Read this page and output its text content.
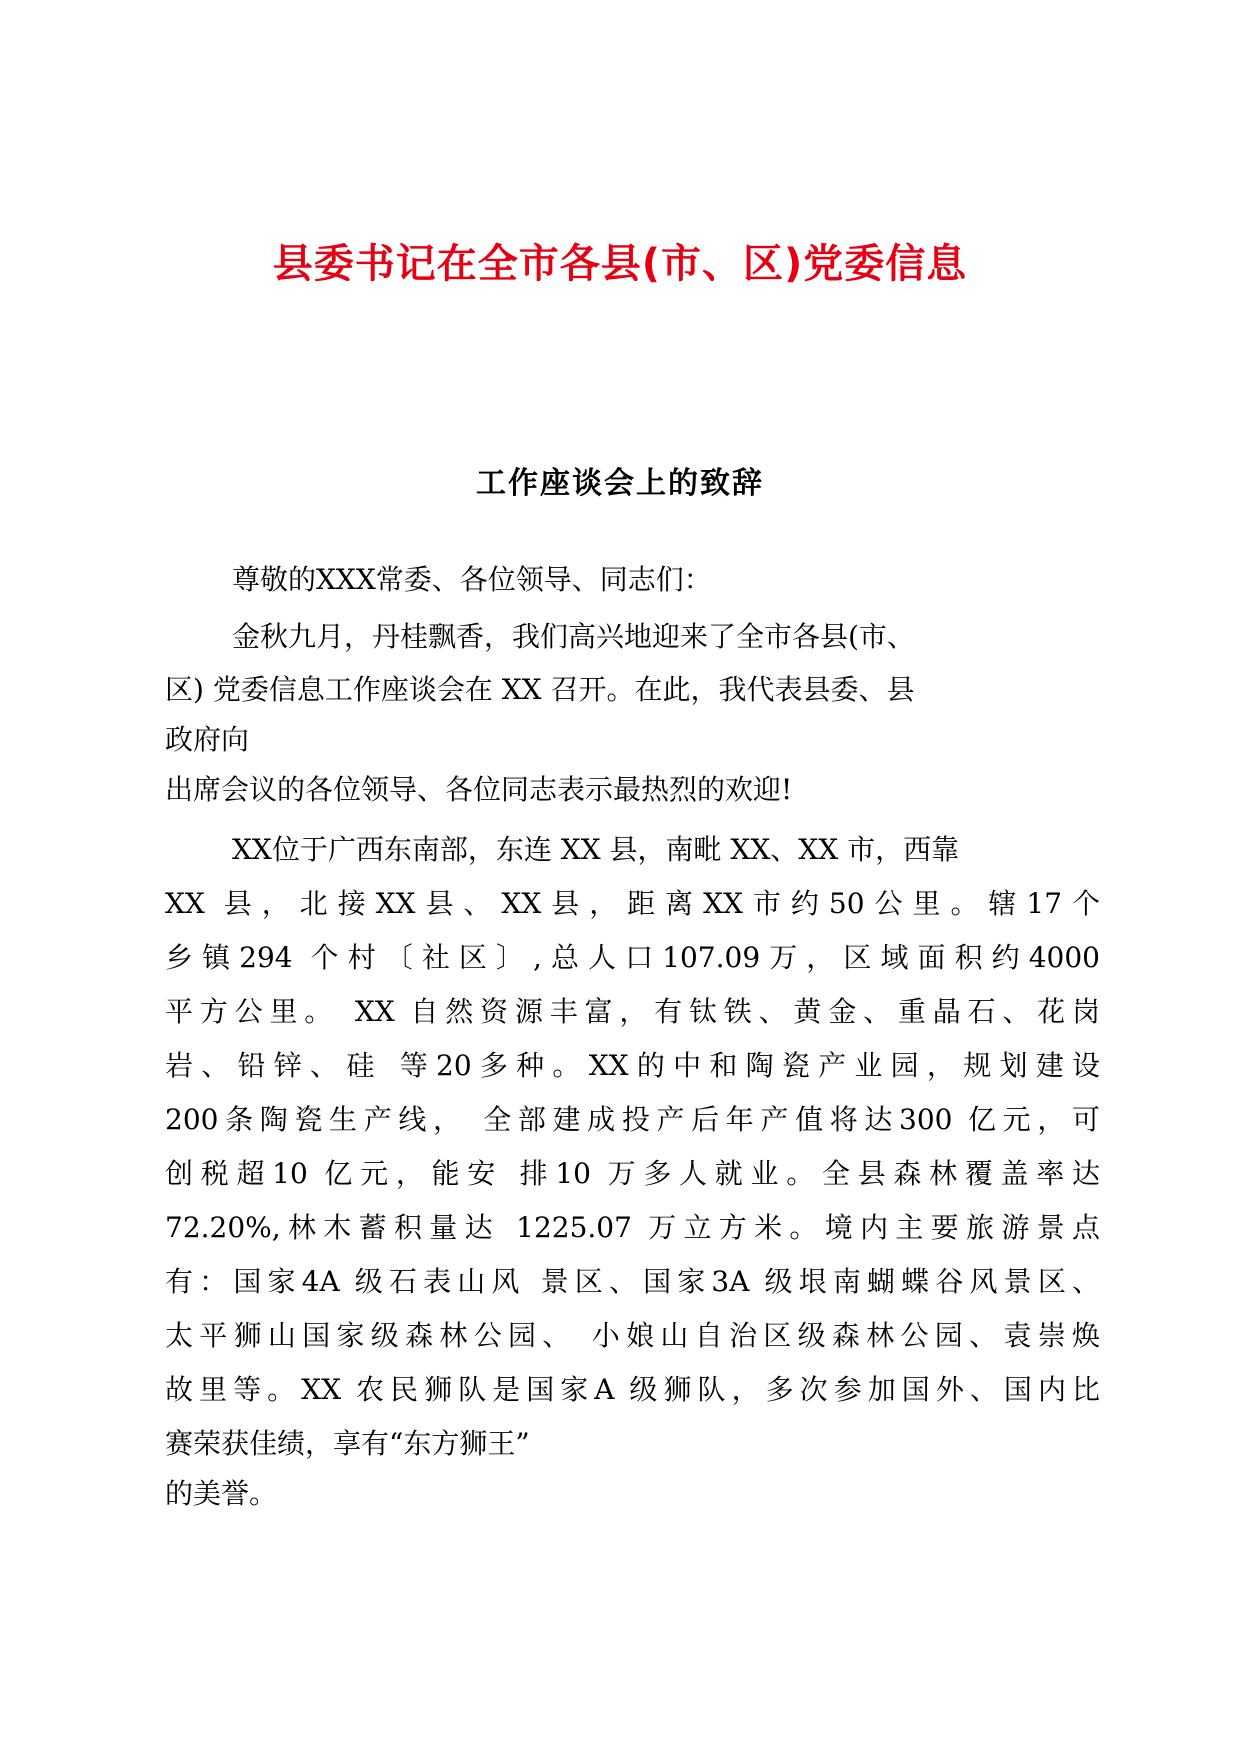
县委书记在全市各县(市、区)党委信息
工作座谈会上的致辞
尊敬的XXX常委、各位领导、同志们：
金秋九月，丹桂飘香，我们高兴地迎来了全市各县(市、
区) 党委信息工作座谈会在 XX 召开。在此，我代表县委、县
政府向
出席会议的各位领导、各位同志表示最热烈的欢迎!
XX位于广西东南部，东连 XX 县，南毗 XX、XX 市，西靠
XX 县，北接XX县、XX县，距离XX市约50公里。辖17个
乡镇294 个村〔社区〕,总人口107.09万，区域面积约4000
平方公里。 XX 自然资源丰富，有钛铁、黄金、重晶石、花岗
岩、铅锌、硅 等20多种。XX的中和陶瓷产业园，规划建设
200条陶瓷生产线， 全部建成投产后年产值将达300 亿元，可
创税超10 亿元，能安 排10 万多人就业。全县森林覆盖率达
72.20%,林木蓄积量达 1225.07 万立方米。境内主要旅游景点
有：国家4A 级石表山风 景区、国家3A 级垠南蝴蝶谷风景区、
太平狮山国家级森林公园、 小娘山自治区级森林公园、袁崇焕
故里等。XX 农民狮队是国家A 级狮队，多次参加国外、国内比
赛荣获佳绩，享有“东方狮王”
的美誉。
